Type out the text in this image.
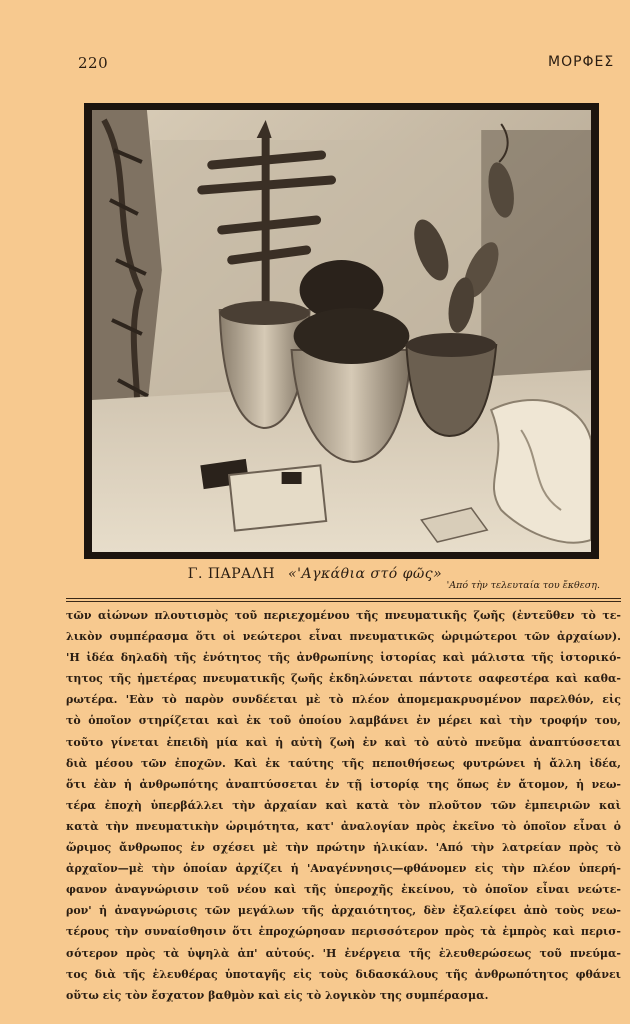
220	ΜΟΡΦΕΣ
Γ. ΠΑΡΑΛΗ «'Αγκάθια στό φῶς»
'Από τὴν τελευταία του ἔκθεση.
τῶν αἰώνων πλουτισμὸς τοῦ περιεχομένου τῆς πνευματικῆς ζωῆς (ἐντεῦθεν τὸ τε-
λικὸν συμπέρασμα ὅτι οἱ νεώτεροι εἶναι πνευματικῶς ὡριμώτεροι τῶν ἀρχαίων).
'Η ἰδέα δηλαδὴ τῆς ἑνότητος τῆς ἀνθρωπίνης ἱστορίας καὶ μάλιστα τῆς ἱστορικό-
τητος τῆς ἡμετέρας πνευματικῆς ζωῆς ἐκδηλώνεται πάντοτε σαφεστέρα καὶ καθα-
ρωτέρα. 'Εὰν τὸ παρὸν συνδέεται μὲ τὸ πλέον ἀπομεμακρυσμένον παρελθόν, εἰς
τὸ ὁποῖον στηρίζεται καὶ ἐκ τοῦ ὁποίου λαμβάνει ἐν μέρει καὶ τὴν τροφήν του,
τοῦτο γίνεται ἐπειδὴ μία καὶ ἡ αὐτὴ ζωὴ ἐν καὶ τὸ αὐτὸ πνεῦμα ἀναπτύσσεται
διὰ μέσου τῶν ἐποχῶν. Καὶ ἐκ ταύτης τῆς πεποιθήσεως φυτρώνει ἡ ἄλλη ἰδέα,
ὅτι ἐὰν ἡ ἀνθρωπότης ἀναπτύσσεται ἐν τῇ ἱστορίᾳ της ὅπως ἐν ἄτομον, ἡ νεω-
τέρα ἐποχὴ ὑπερβάλλει τὴν ἀρχαίαν καὶ κατὰ τὸν πλοῦτον τῶν ἐμπειριῶν καὶ
κατὰ τὴν πνευματικὴν ὡριμότητα, κατ' ἀναλογίαν πρὸς ἐκεῖνο τὸ ὁποῖον εἶναι ὁ
ὥριμος ἄνθρωπος ἐν σχέσει μὲ τὴν πρώτην ἡλικίαν. 'Από τὴν λατρείαν πρὸς τὸ
ἀρχαῖον—μὲ τὴν ὁποίαν ἀρχίζει ἡ 'Αναγέννησις—φθάνομεν εἰς τὴν πλέον ὑπερή-
φανον ἀναγνώρισιν τοῦ νέου καὶ τῆς ὑπεροχῆς ἐκείνου, τὸ ὁποῖον εἶναι νεώτε-
ρον' ἡ ἀναγνώρισις τῶν μεγάλων τῆς ἀρχαιότητος, δὲν ἐξαλείφει ἀπὸ τοὺς νεω-
τέρους τὴν συναίσθησιν ὅτι ἐπροχώρησαν περισσότερον πρὸς τὰ ἐμπρὸς καὶ περισ-
σότερον πρὸς τὰ ὑψηλὰ ἀπ' αὐτούς. 'Η ἐνέργεια τῆς ἐλευθερώσεως τοῦ πνεύμα-
τος διὰ τῆς ἐλευθέρας ὑποταγῆς εἰς τοὺς διδασκάλους τῆς ἀνθρωπότητος φθάνει
οὕτω εἰς τὸν ἔσχατον βαθμὸν καὶ εἰς τὸ λογικὸν της συμπέρασμα.
